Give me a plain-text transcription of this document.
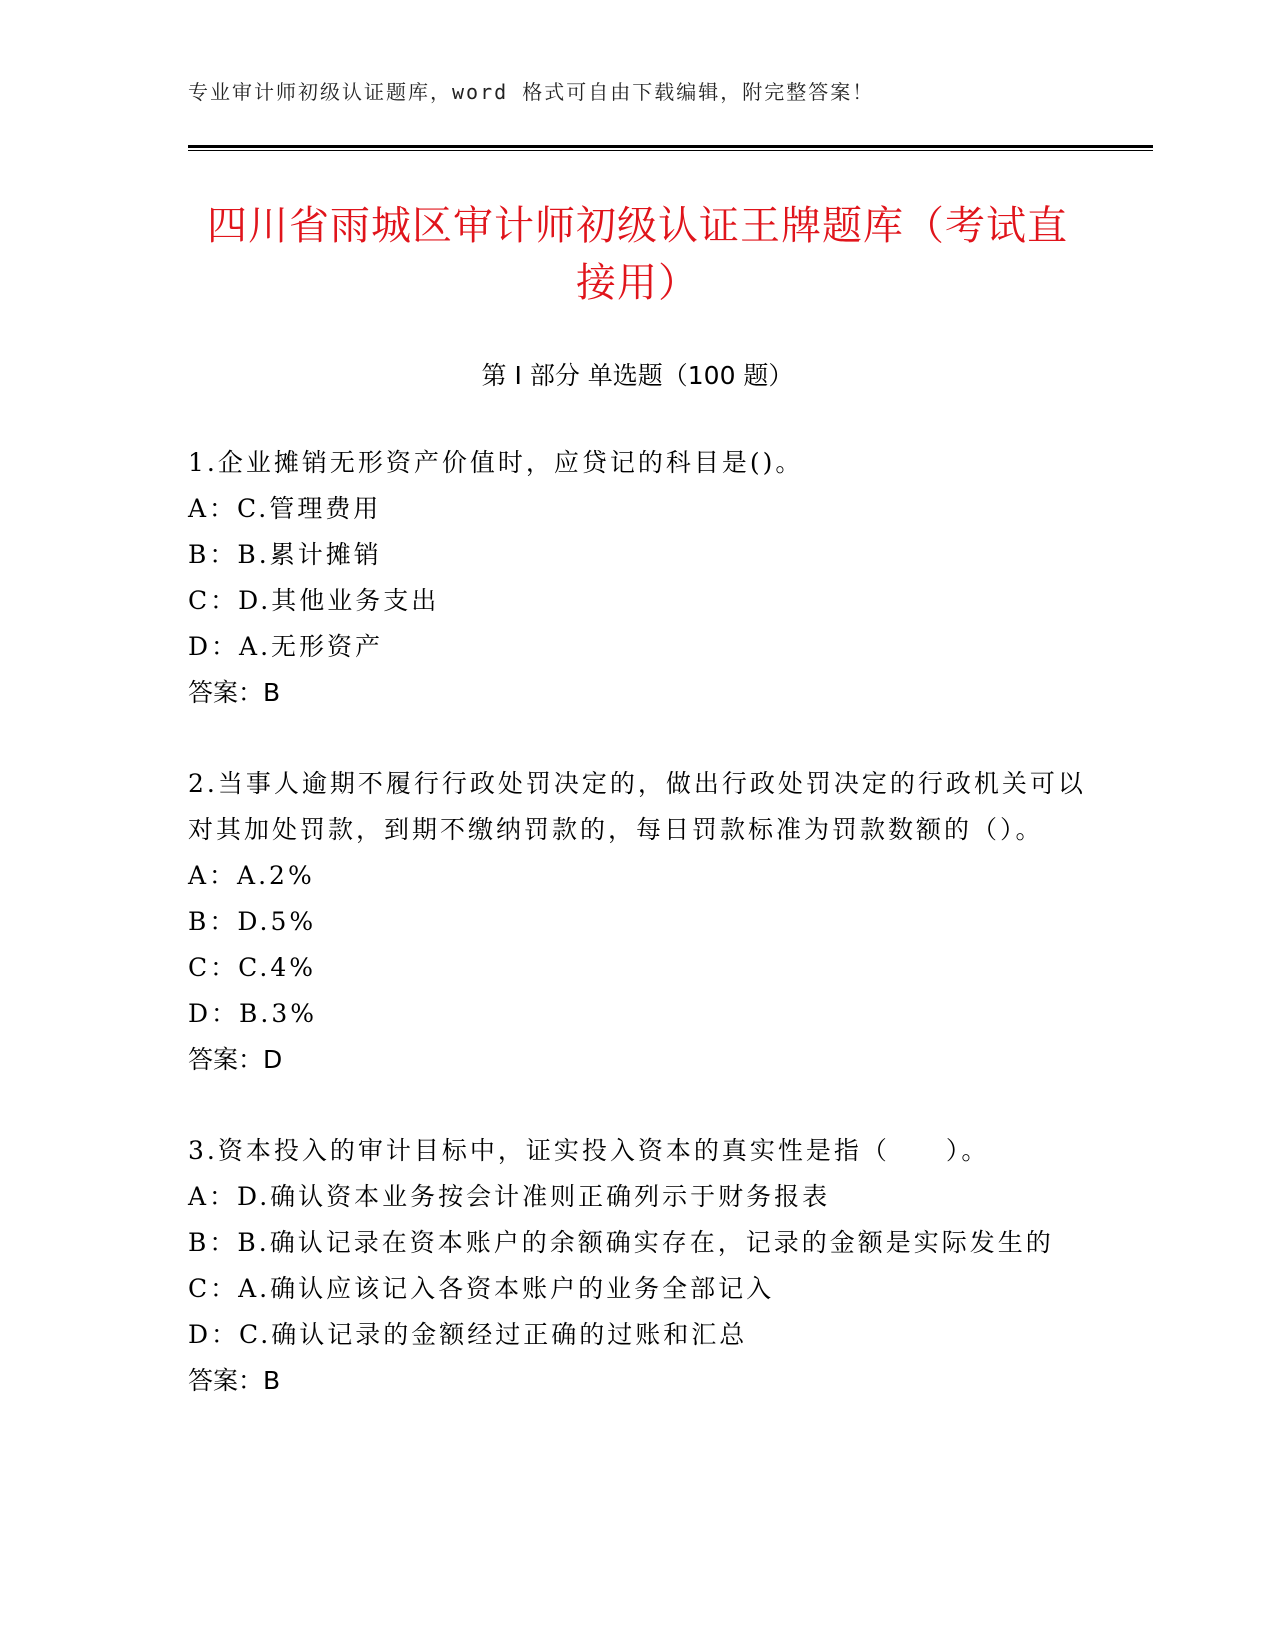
专业审计师初级认证题库，word 格式可自由下载编辑，附完整答案！
四川省雨城区审计师初级认证王牌题库（考试直接用）
第 I 部分 单选题（100 题）

1.企业摊销无形资产价值时，应贷记的科目是()。

A：C.管理费用

B：B.累计摊销

C：D.其他业务支出

D：A.无形资产

答案：B

2.当事人逾期不履行行政处罚决定的，做出行政处罚决定的行政机关可以对其加处罚款，到期不缴纳罚款的，每日罚款标准为罚款数额的（）。

A：A.2%

B：D.5%

C：C.4%

D：B.3%

答案：D

3.资本投入的审计目标中，证实投入资本的真实性是指（　　）。

A：D.确认资本业务按会计准则正确列示于财务报表

B：B.确认记录在资本账户的余额确实存在，记录的金额是实际发生的

C：A.确认应该记入各资本账户的业务全部记入

D：C.确认记录的金额经过正确的过账和汇总

答案：B
